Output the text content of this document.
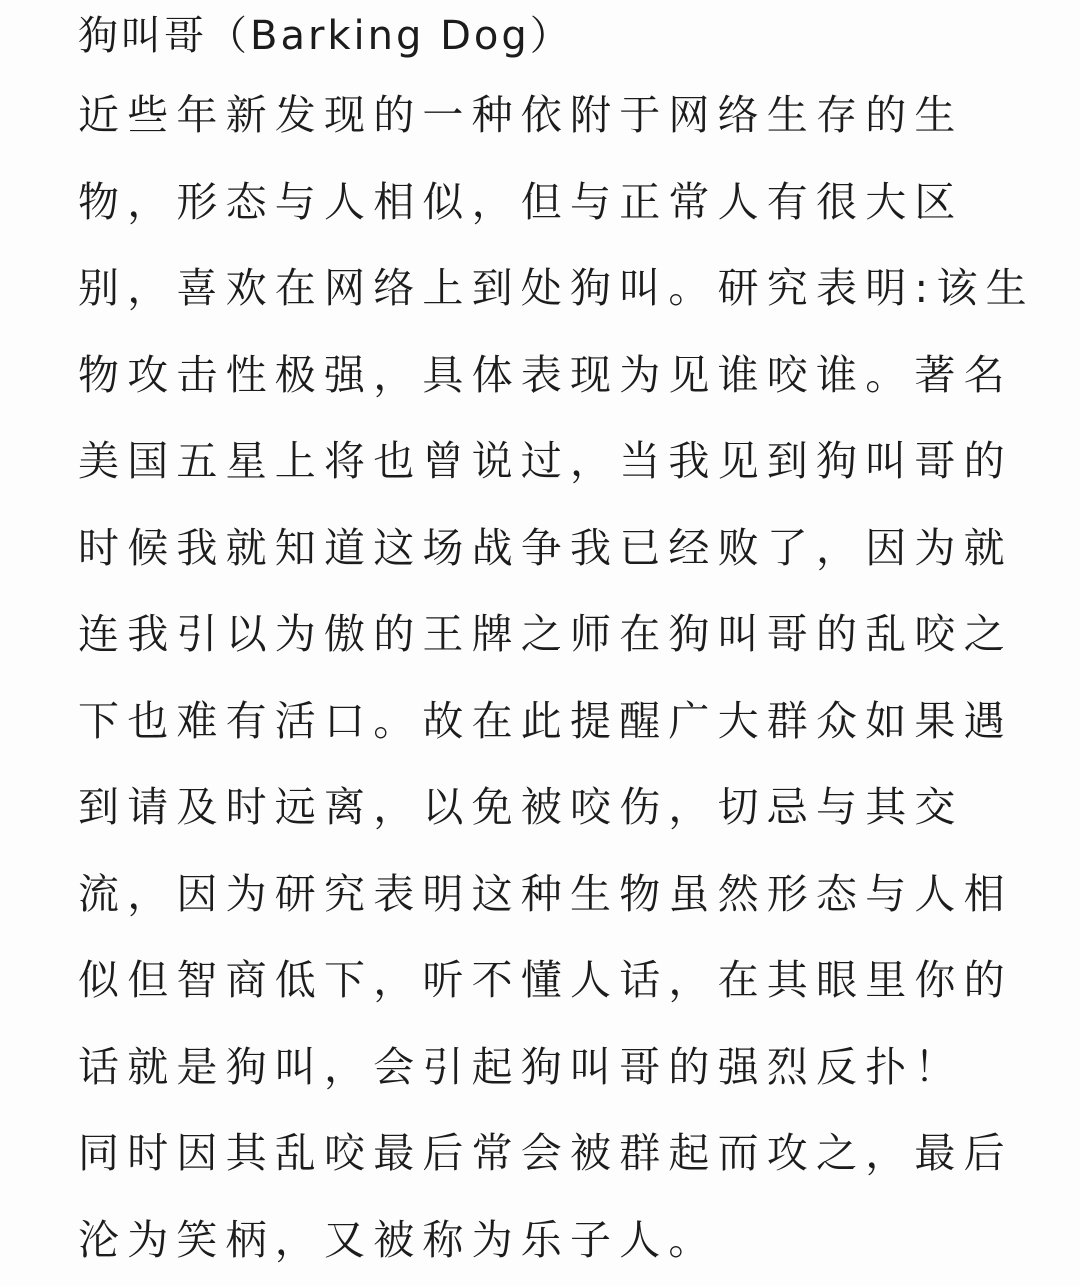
狗叫哥（Barking Dog）

近些年新发现的一种依附于网络生存的生

物，形态与人相似，但与正常人有很大区

别，喜欢在网络上到处狗叫。研究表明:该生

物攻击性极强，具体表现为见谁咬谁。著名

美国五星上将也曾说过，当我见到狗叫哥的

时候我就知道这场战争我已经败了，因为就

连我引以为傲的王牌之师在狗叫哥的乱咬之

下也难有活口。故在此提醒广大群众如果遇

到请及时远离，以免被咬伤，切忌与其交

流，因为研究表明这种生物虽然形态与人相

似但智商低下，听不懂人话，在其眼里你的

话就是狗叫，会引起狗叫哥的强烈反扑！

同时因其乱咬最后常会被群起而攻之，最后

沦为笑柄，又被称为乐子人。
